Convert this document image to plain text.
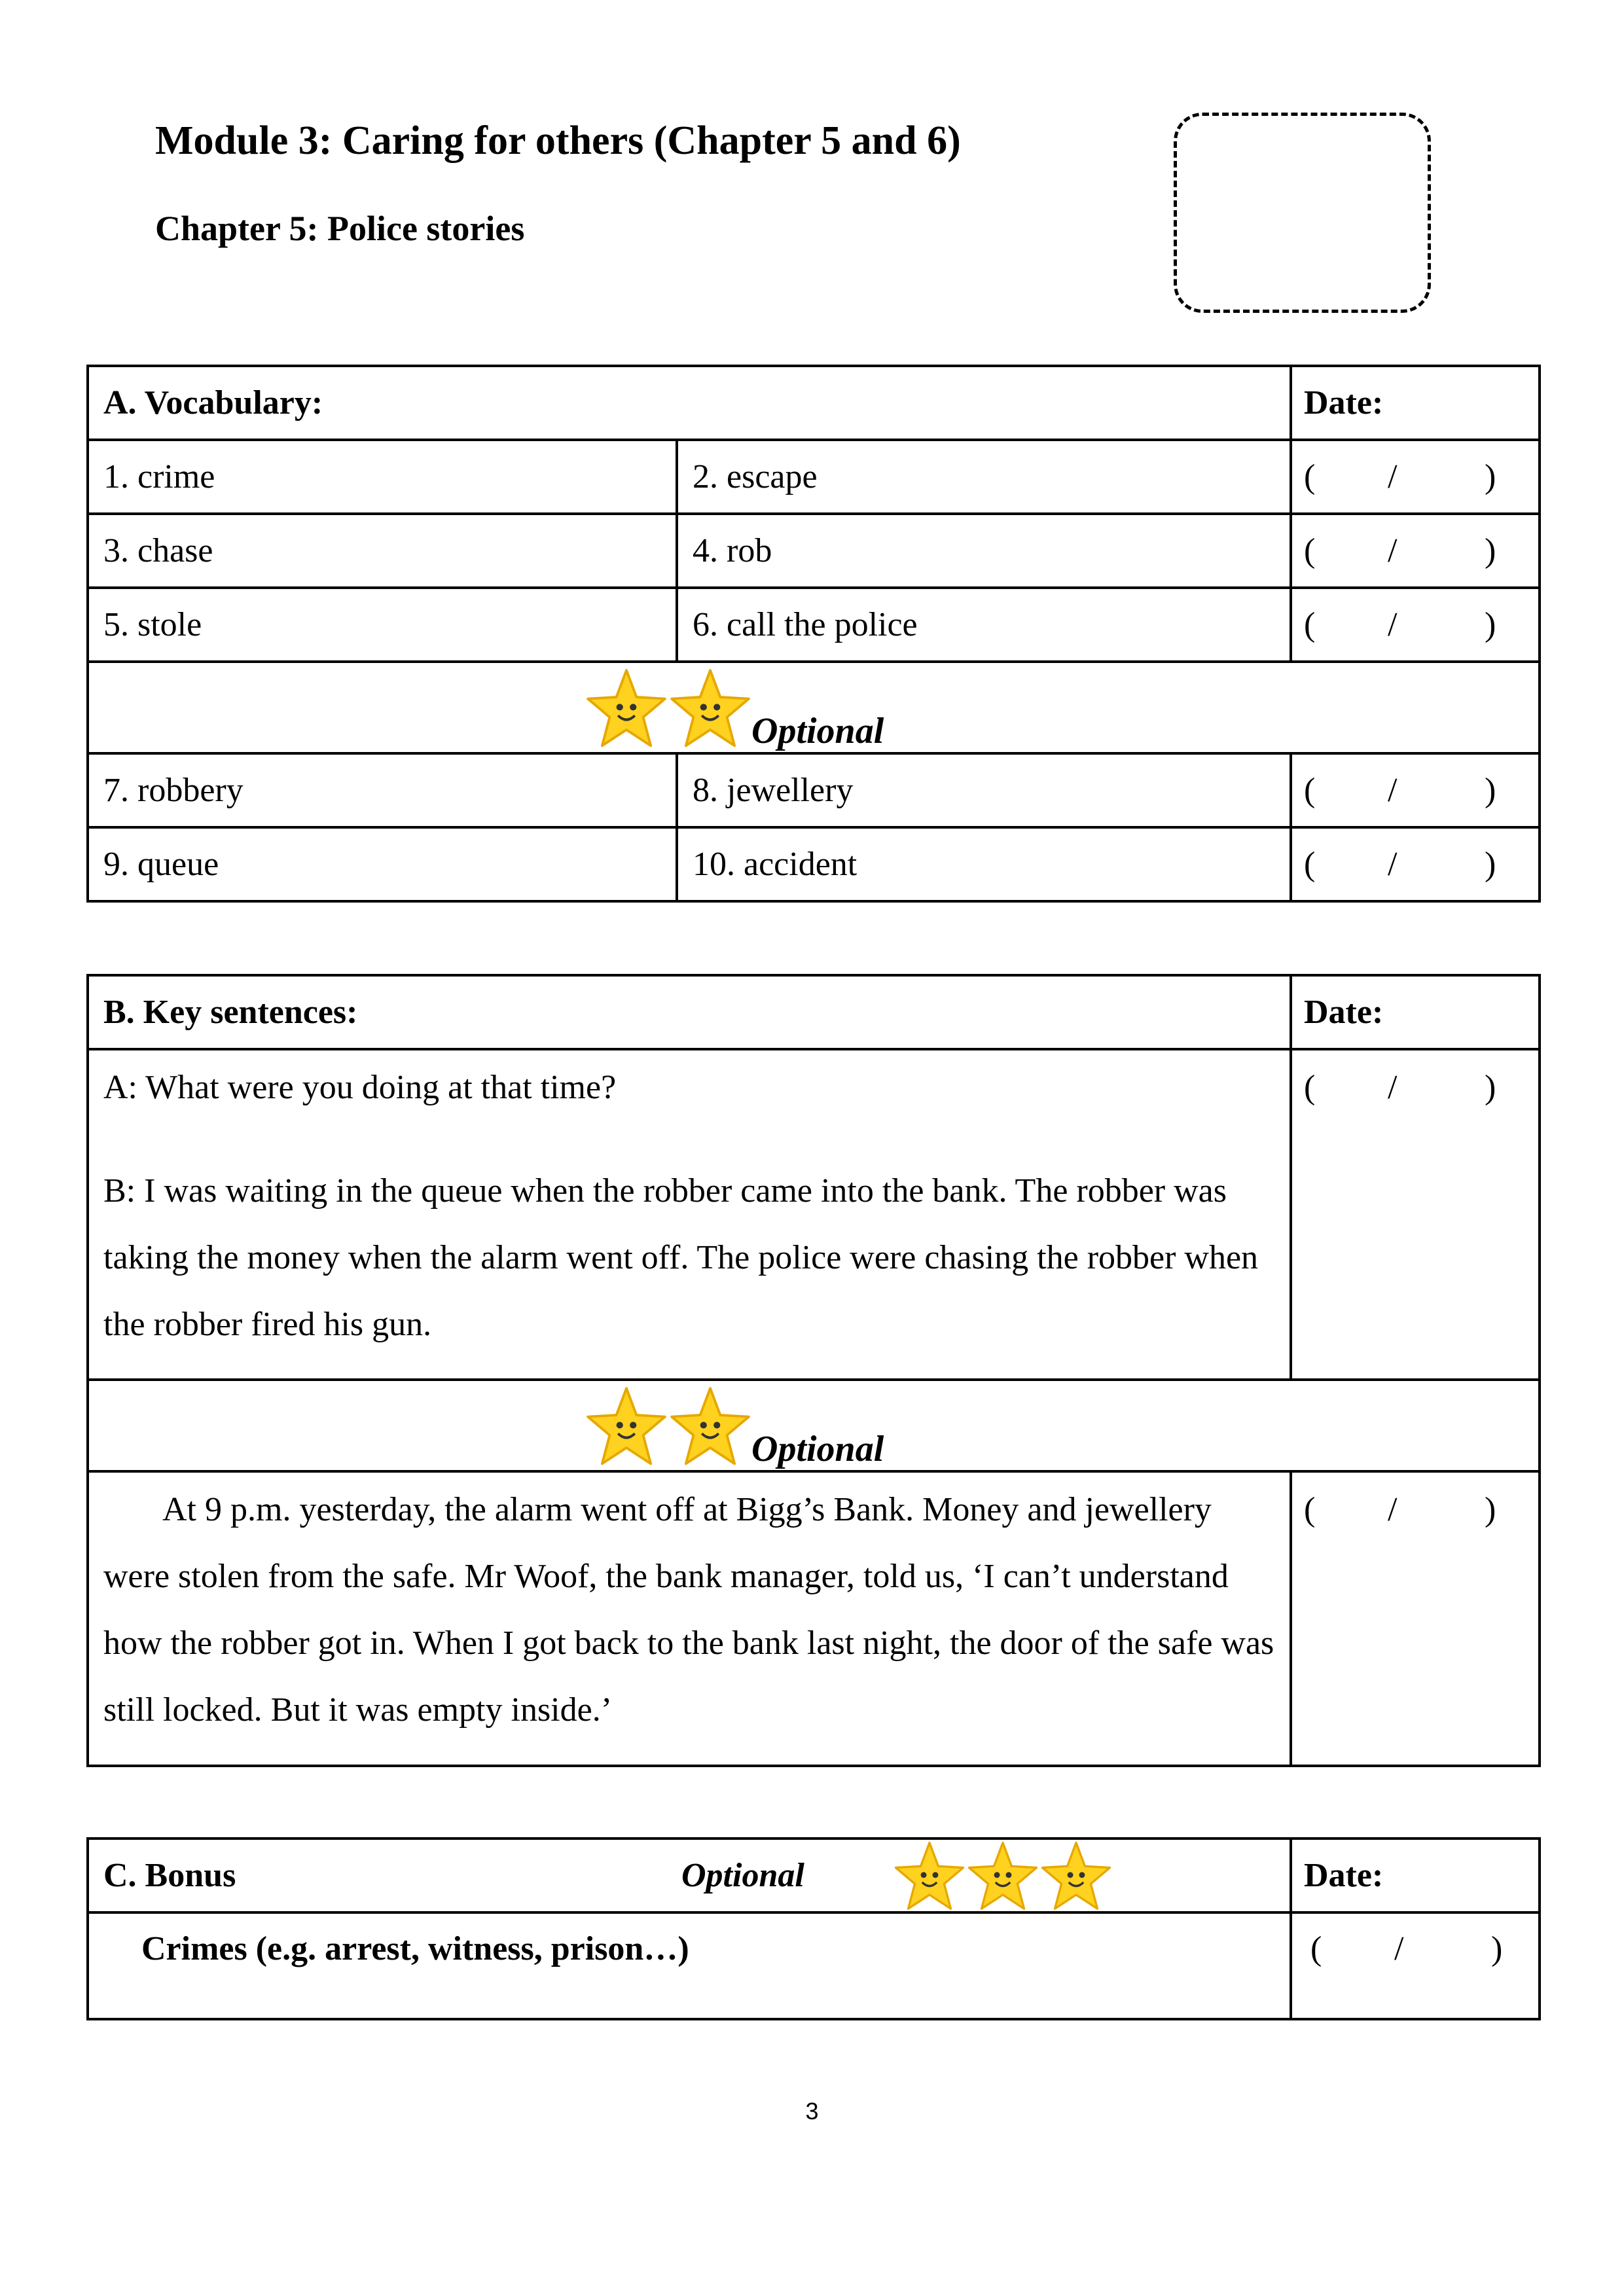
Module 3: Caring for others (Chapter 5 and 6)
Chapter 5: Police stories
A. Vocabulary:		Date:
1. crime	2. escape	( / )
3. chase	4. rob	( / )
5. stole	6. call the police	( / )

Optional		

7. robbery	8. jewellery	( / )
9. queue	10. accident	( / )
B. Key sentences:	Date:

A: What were you doing at that time?
B: I was waiting in the queue when the robber came into the bank. The robber was taking the money when the alarm went off. The police were chasing the robber when the robber fired his gun.	( / )

Optional	

At 9 p.m. yesterday, the alarm went off at Bigg’s Bank. Money and jewellery were stolen from the safe. Mr Woof, the bank manager, told us, ‘I can’t understand how the robber got in. When I got back to the bank last night, the door of the safe was still locked. But it was empty inside.’	( / )
C. Bonus Optional	Date:
Crimes (e.g. arrest, witness, prison…)	( / )
3
